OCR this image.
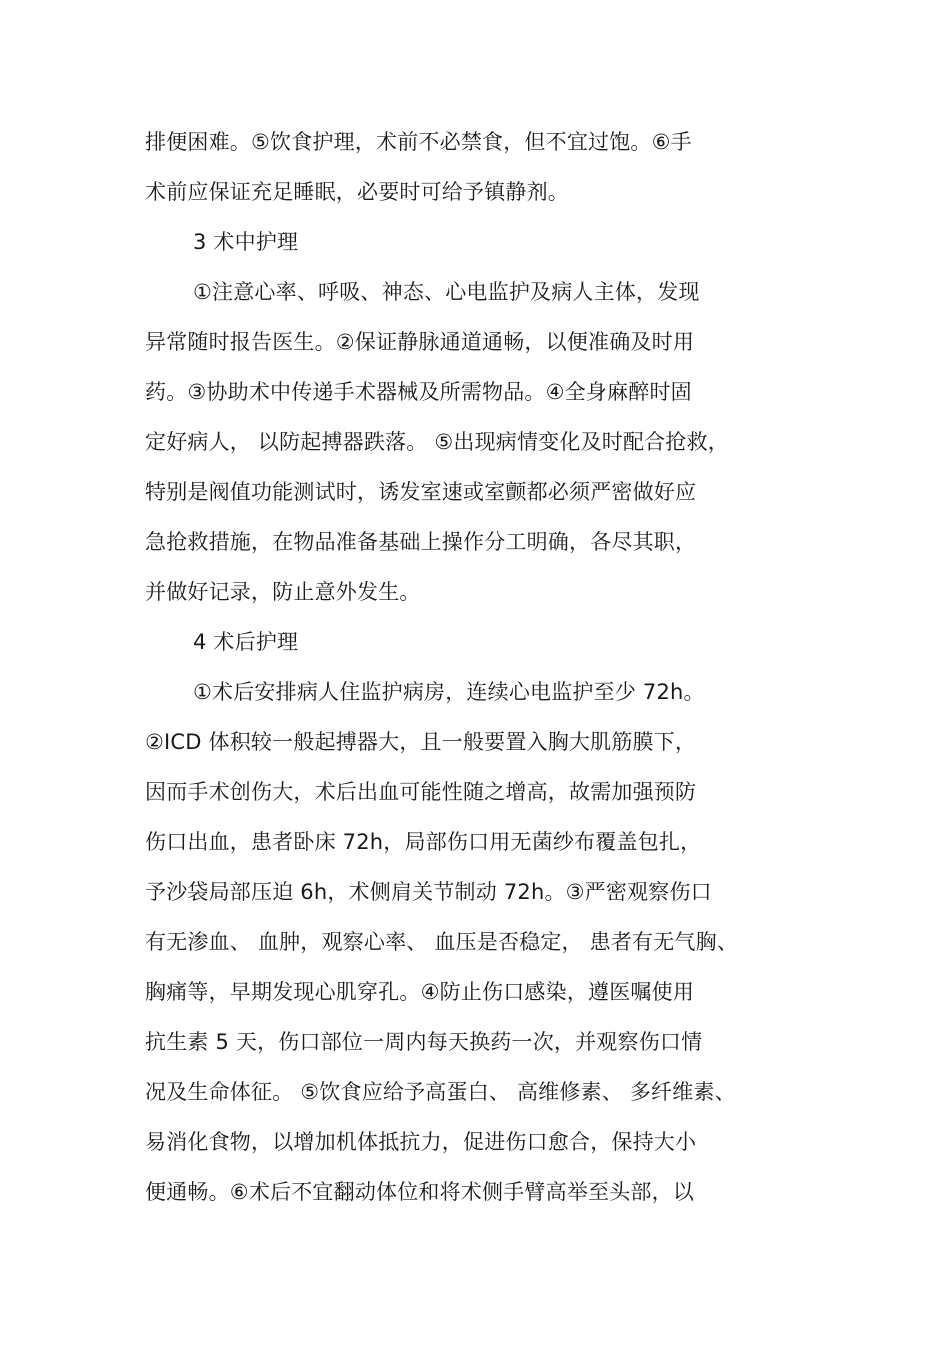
排便困难。⑤饮食护理，术前不必禁食，但不宜过饱。⑥手
术前应保证充足睡眠，必要时可给予镇静剂。
3 术中护理
①注意心率、呼吸、神态、心电监护及病人主体，发现
异常随时报告医生。②保证静脉通道通畅，以便准确及时用
药。③协助术中传递手术器械及所需物品。④全身麻醉时固
定好病人， 以防起搏器跌落。 ⑤出现病情变化及时配合抢救，
特别是阀值功能测试时，诱发室速或室颤都必须严密做好应
急抢救措施，在物品准备基础上操作分工明确，各尽其职，
并做好记录，防止意外发生。
4 术后护理
①术后安排病人住监护病房，连续心电监护至少 72h。
②ICD 体积较一般起搏器大，且一般要置入胸大肌筋膜下，
因而手术创伤大，术后出血可能性随之增高，故需加强预防
伤口出血，患者卧床 72h，局部伤口用无菌纱布覆盖包扎，
予沙袋局部压迫 6h，术侧肩关节制动 72h。③严密观察伤口
有无渗血、 血肿，观察心率、 血压是否稳定， 患者有无气胸、
胸痛等，早期发现心肌穿孔。④防止伤口感染，遵医嘱使用
抗生素 5 天，伤口部位一周内每天换药一次，并观察伤口情
况及生命体征。 ⑤饮食应给予高蛋白、 高维修素、 多纤维素、
易消化食物，以增加机体抵抗力，促进伤口愈合，保持大小
便通畅。⑥术后不宜翻动体位和将术侧手臂高举至头部，以
